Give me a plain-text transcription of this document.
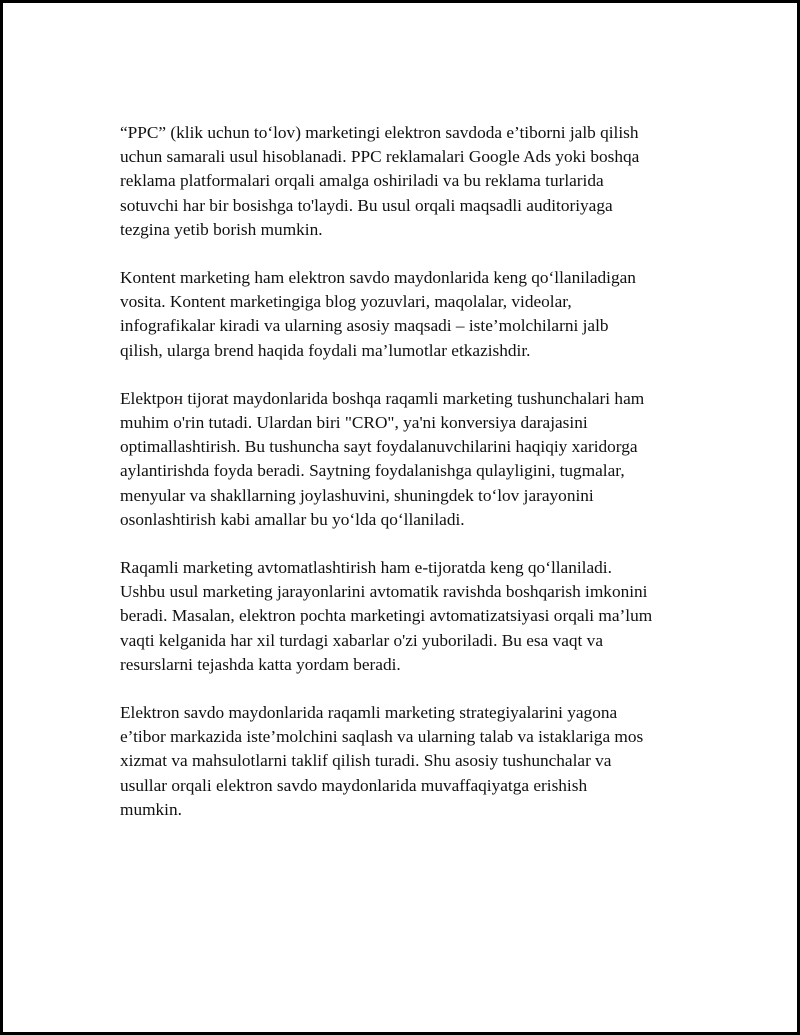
“PPC” (klik uchun to‘lov) marketingi elektron savdoda e’tiborni jalb qilish
uchun samarali usul hisoblanadi. PPC reklamalari Google Ads yoki boshqa
reklama platformalari orqali amalga oshiriladi va bu reklama turlarida
sotuvchi har bir bosishga to'laydi. Bu usul orqali maqsadli auditoriyaga
tezgina yetib borish mumkin.

Kontent marketing ham elektron savdo maydonlarida keng qo‘llaniladigan
vosita. Kontent marketingiga blog yozuvlari, maqolalar, videolar,
infografikalar kiradi va ularning asosiy maqsadi – iste’molchilarni jalb
qilish, ularga brend haqida foydali ma’lumotlar etkazishdir.

Elektpон tijorat maydonlarida boshqa raqamli marketing tushunchalari ham
muhim o'rin tutadi. Ulardan biri "CRO", ya'ni konversiya darajasini
optimallashtirish. Bu tushuncha sayt foydalanuvchilarini haqiqiy xaridorga
aylantirishda foyda beradi. Saytning foydalanishga qulayligini, tugmalar,
menyular va shakllarning joylashuvini, shuningdek to‘lov jarayonini
osonlashtirish kabi amallar bu yo‘lda qo‘llaniladi.

Raqamli marketing avtomatlashtirish ham e-tijoratda keng qo‘llaniladi.
Ushbu usul marketing jarayonlarini avtomatik ravishda boshqarish imkonini
beradi. Masalan, elektron pochta marketingi avtomatizatsiyasi orqali ma’lum
vaqti kelganida har xil turdagi xabarlar o'zi yuboriladi. Bu esa vaqt va
resurslarni tejashda katta yordam beradi.

Elektron savdo maydonlarida raqamli marketing strategiyalarini yagona
e’tibor markazida iste’molchini saqlash va ularning talab va istaklariga mos
xizmat va mahsulotlarni taklif qilish turadi. Shu asosiy tushunchalar va
usullar orqali elektron savdo maydonlarida muvaffaqiyatga erishish
mumkin.
